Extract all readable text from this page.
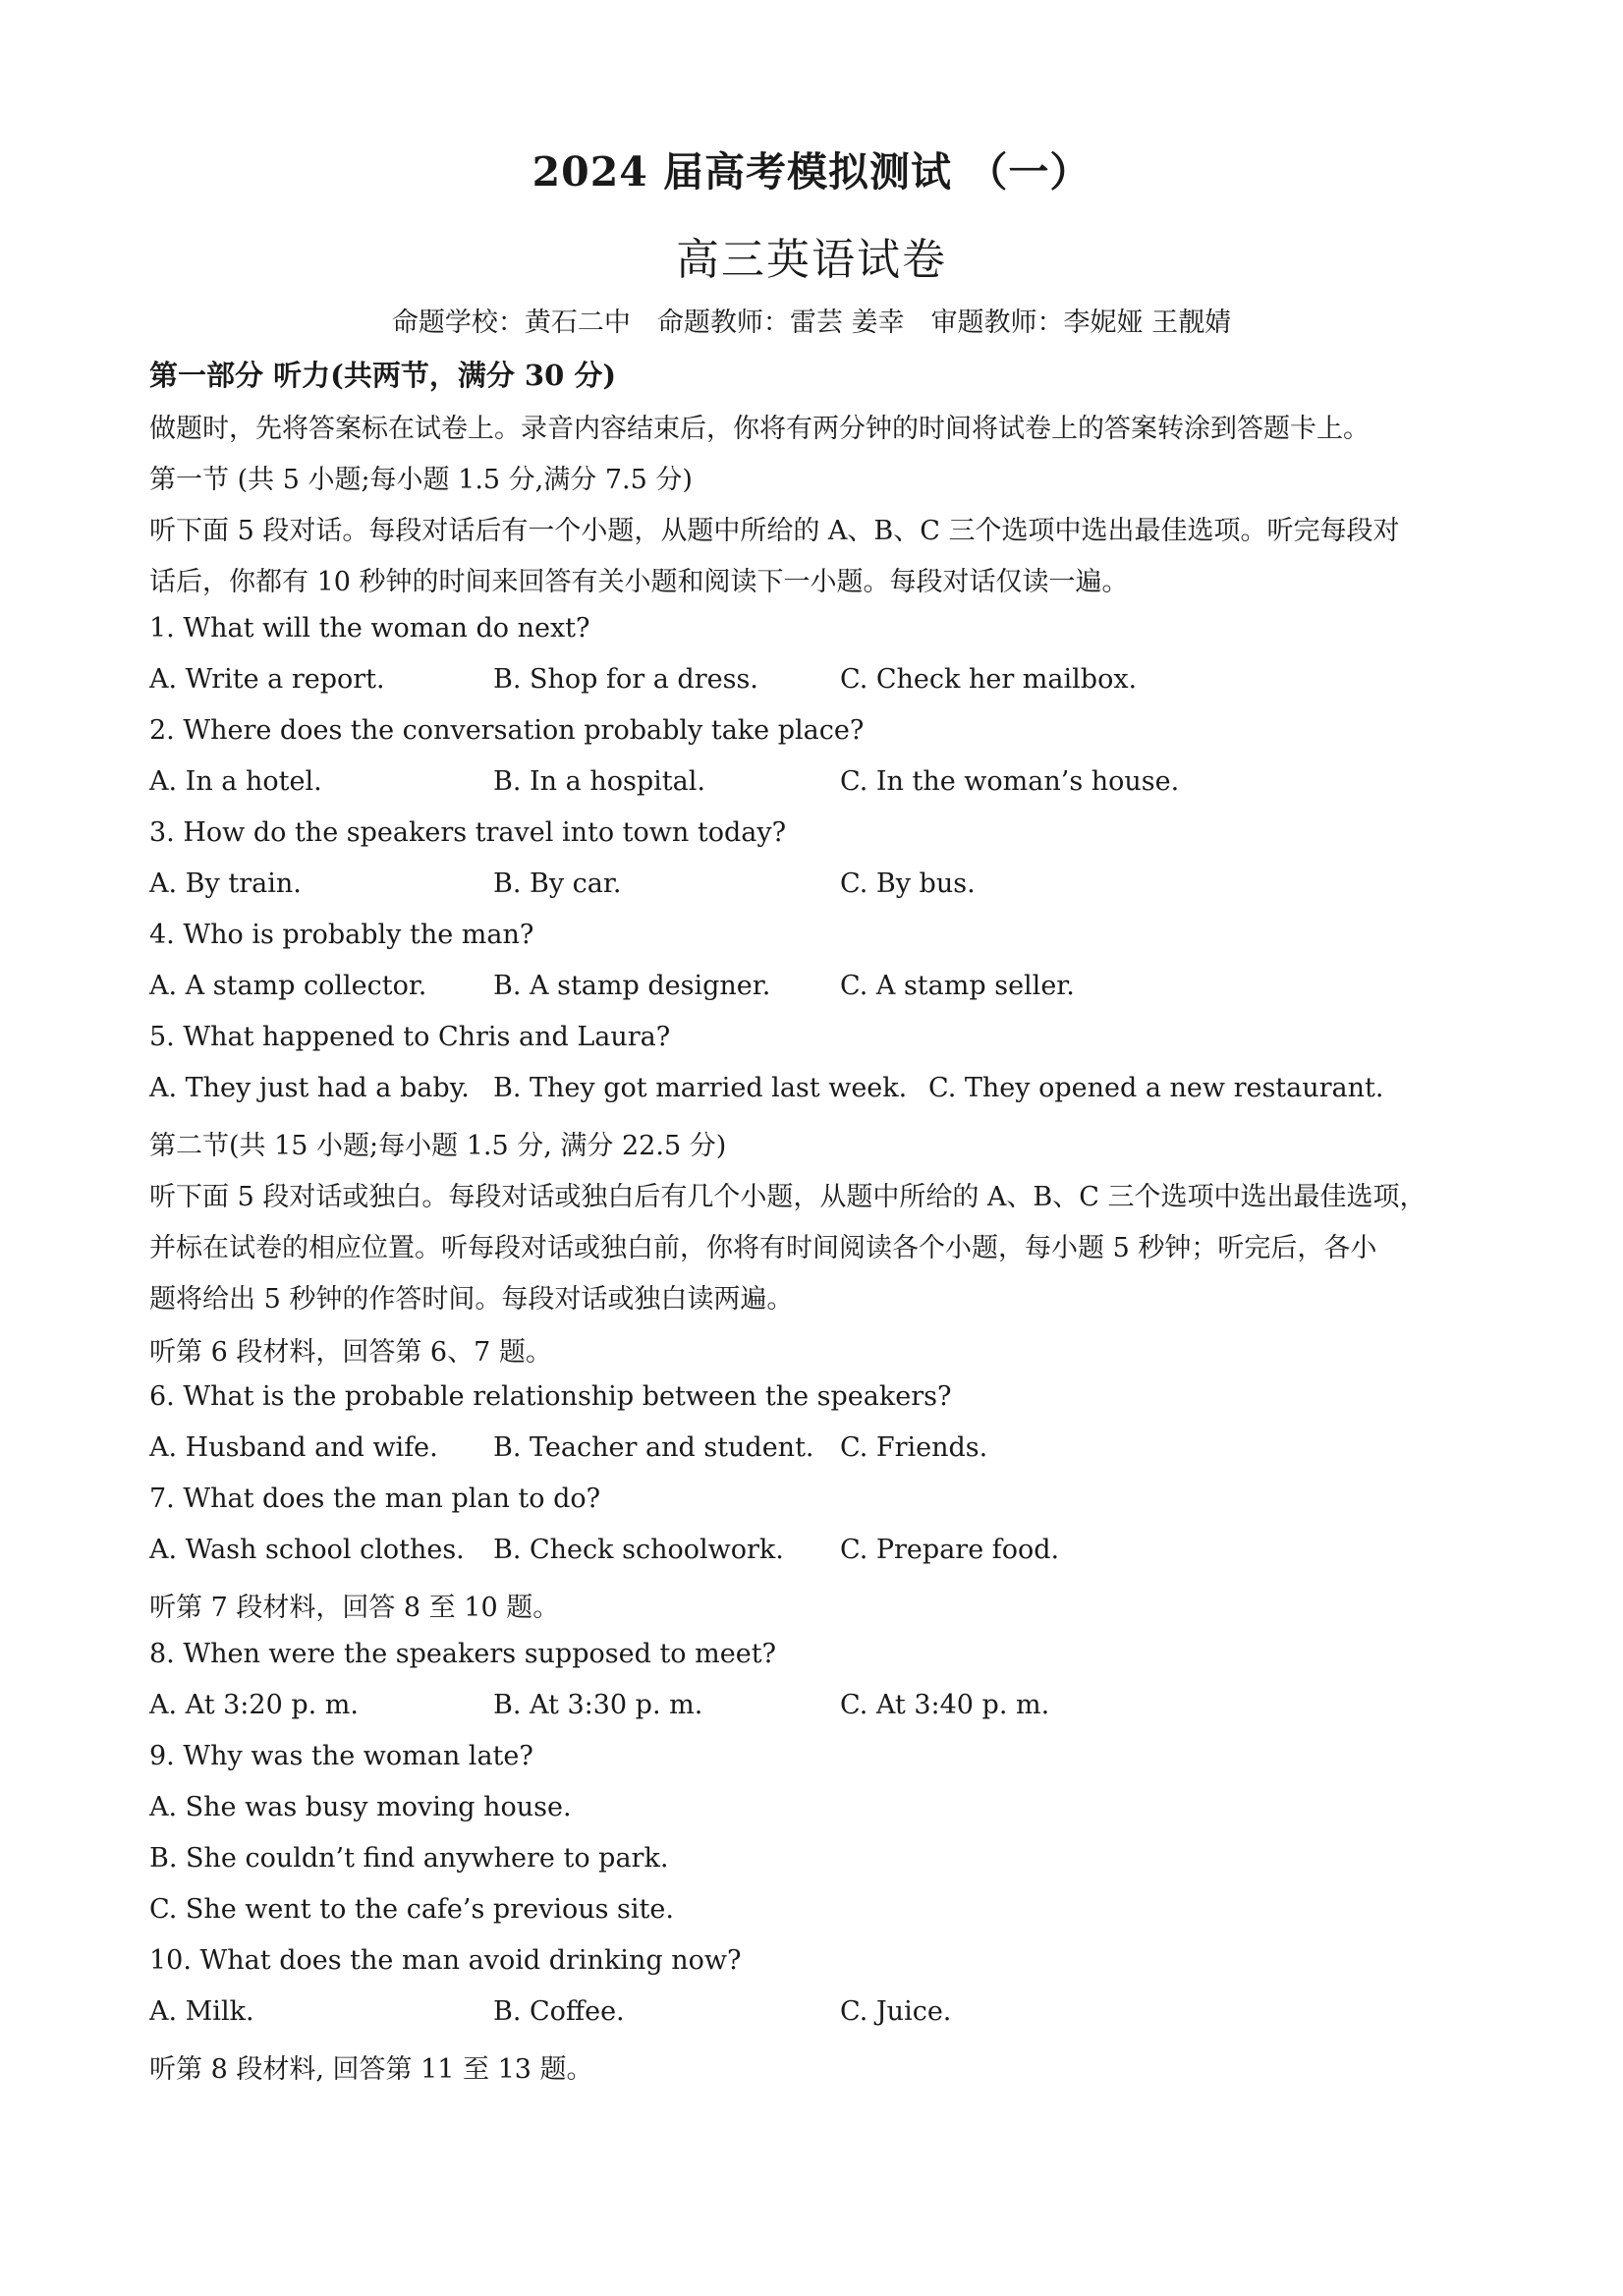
2024 届高考模拟测试 （一）
高三英语试卷
命题学校：黄石二中　命题教师：雷芸 姜幸　审题教师：李妮娅 王靓婧
第一部分 听力(共两节，满分 30 分)
做题时，先将答案标在试卷上。录音内容结束后，你将有两分钟的时间将试卷上的答案转涂到答题卡上。
第一节 (共 5 小题;每小题 1.5 分,满分 7.5 分)
听下面 5 段对话。每段对话后有一个小题，从题中所给的 A、B、C 三个选项中选出最佳选项。听完每段对
话后，你都有 10 秒钟的时间来回答有关小题和阅读下一小题。每段对话仅读一遍。
1. What will the woman do next?
A. Write a report.	B. Shop for a dress.	C. Check her mailbox.
2. Where does the conversation probably take place?
A. In a hotel.	B. In a hospital.	C. In the woman’s house.
3. How do the speakers travel into town today?
A. By train.	B. By car.	C. By bus.
4. Who is probably the man?
A. A stamp collector.	B. A stamp designer.	C. A stamp seller.
5. What happened to Chris and Laura?
A. They just had a baby. B. They got married last week. C. They opened a new restaurant.
第二节(共 15 小题;每小题 1.5 分, 满分 22.5 分)
听下面 5 段对话或独白。每段对话或独白后有几个小题，从题中所给的 A、B、C 三个选项中选出最佳选项，
并标在试卷的相应位置。听每段对话或独白前，你将有时间阅读各个小题，每小题 5 秒钟；听完后，各小
题将给出 5 秒钟的作答时间。每段对话或独白读两遍。
听第 6 段材料，回答第 6、7 题。
6. What is the probable relationship between the speakers?
A. Husband and wife. B. Teacher and student. C. Friends.
7. What does the man plan to do?
A. Wash school clothes. B. Check schoolwork. C. Prepare food.
听第 7 段材料，回答 8 至 10 题。
8. When were the speakers supposed to meet?
A. At 3:20 p. m.	B. At 3:30 p. m.	C. At 3:40 p. m.
9. Why was the woman late?
A. She was busy moving house.
B. She couldn’t find anywhere to park.
C. She went to the cafe’s previous site.
10. What does the man avoid drinking now?
A. Milk.	B. Coffee.	C. Juice.
听第 8 段材料, 回答第 11 至 13 题。
